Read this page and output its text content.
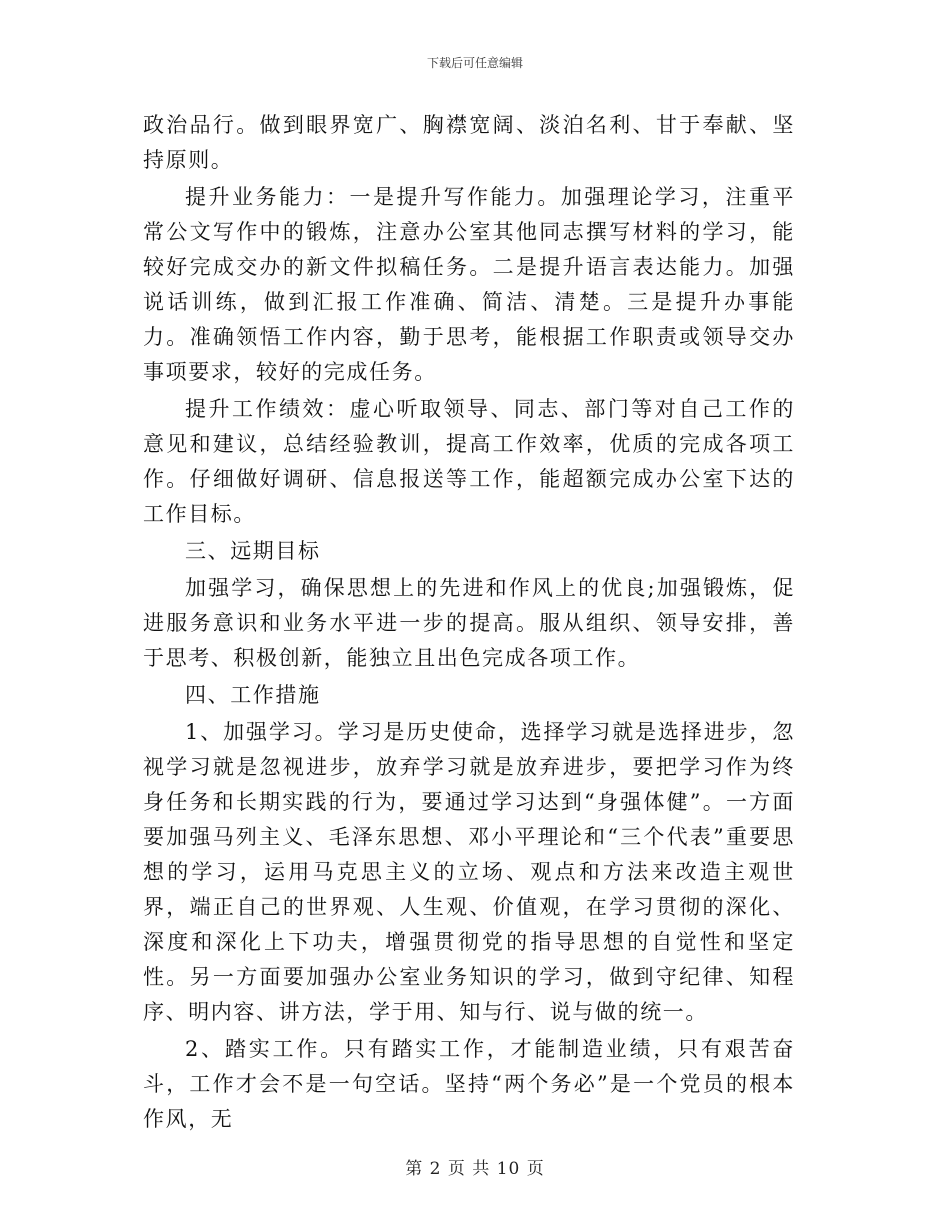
下载后可任意编辑

政治品行。做到眼界宽广、胸襟宽阔、淡泊名利、甘于奉献、坚持原则。

提升业务能力：一是提升写作能力。加强理论学习，注重平常公文写作中的锻炼，注意办公室其他同志撰写材料的学习，能较好完成交办的新文件拟稿任务。二是提升语言表达能力。加强说话训练，做到汇报工作准确、简洁、清楚。三是提升办事能力。准确领悟工作内容，勤于思考，能根据工作职责或领导交办事项要求，较好的完成任务。

提升工作绩效：虚心听取领导、同志、部门等对自己工作的意见和建议，总结经验教训，提高工作效率，优质的完成各项工作。仔细做好调研、信息报送等工作，能超额完成办公室下达的工作目标。

三、远期目标

加强学习，确保思想上的先进和作风上的优良;加强锻炼，促进服务意识和业务水平进一步的提高。服从组织、领导安排，善于思考、积极创新，能独立且出色完成各项工作。

四、工作措施

1、加强学习。学习是历史使命，选择学习就是选择进步，忽视学习就是忽视进步，放弃学习就是放弃进步，要把学习作为终身任务和长期实践的行为，要通过学习达到“身强体健”。一方面要加强马列主义、毛泽东思想、邓小平理论和“三个代表”重要思想的学习，运用马克思主义的立场、观点和方法来改造主观世界，端正自己的世界观、人生观、价值观，在学习贯彻的深化、深度和深化上下功夫，增强贯彻党的指导思想的自觉性和坚定性。另一方面要加强办公室业务知识的学习，做到守纪律、知程序、明内容、讲方法，学于用、知与行、说与做的统一。

2、踏实工作。只有踏实工作，才能制造业绩，只有艰苦奋斗，工作才会不是一句空话。坚持“两个务必”是一个党员的根本作风，无

第 2 页 共 10 页
